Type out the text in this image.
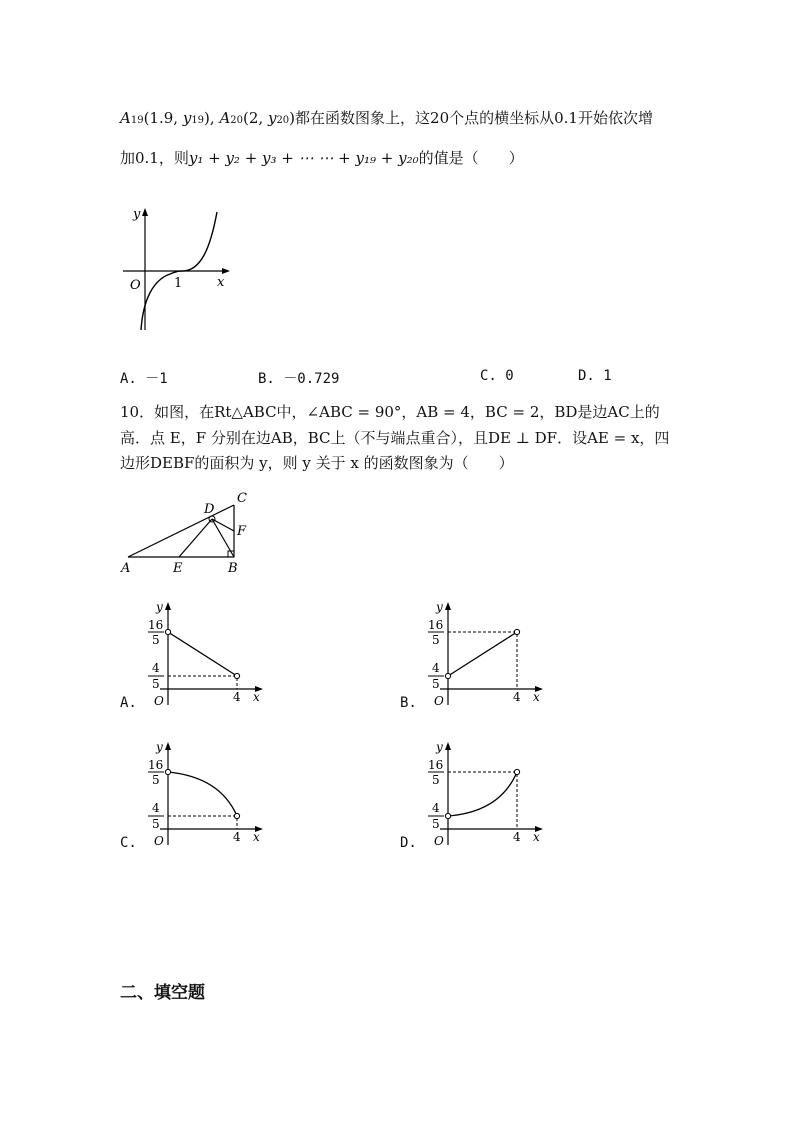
A19(1.9, y19), A20(2, y20)都在函数图象上，这20个点的横坐标从0.1开始依次增
加0.1，则y₁ + y₂ + y₃ + ⋯ ⋯ + y₁₉ + y₂₀的值是（　　）
y
x
O	1
A. －1	B. －0.729	C. 0	D. 1
10．如图，在Rt△ABC中，∠ABC = 90°，AB = 4，BC = 2，BD是边AC上的
高．点 E，F 分别在边AB，BC上（不与端点重合），且DE ⊥ DF．设AE = x，四
边形DEBF的面积为 y，则 y 关于 x 的函数图象为（　　）
C
D
F
A	E	B
y
x
O
16
5
4
5
4
A.
y
x
O
16
5
4
5
4
B.
y
x
O
16
5
4
5
4
C.
y
x
O
16
5
4
5
4
D.
二、填空题
